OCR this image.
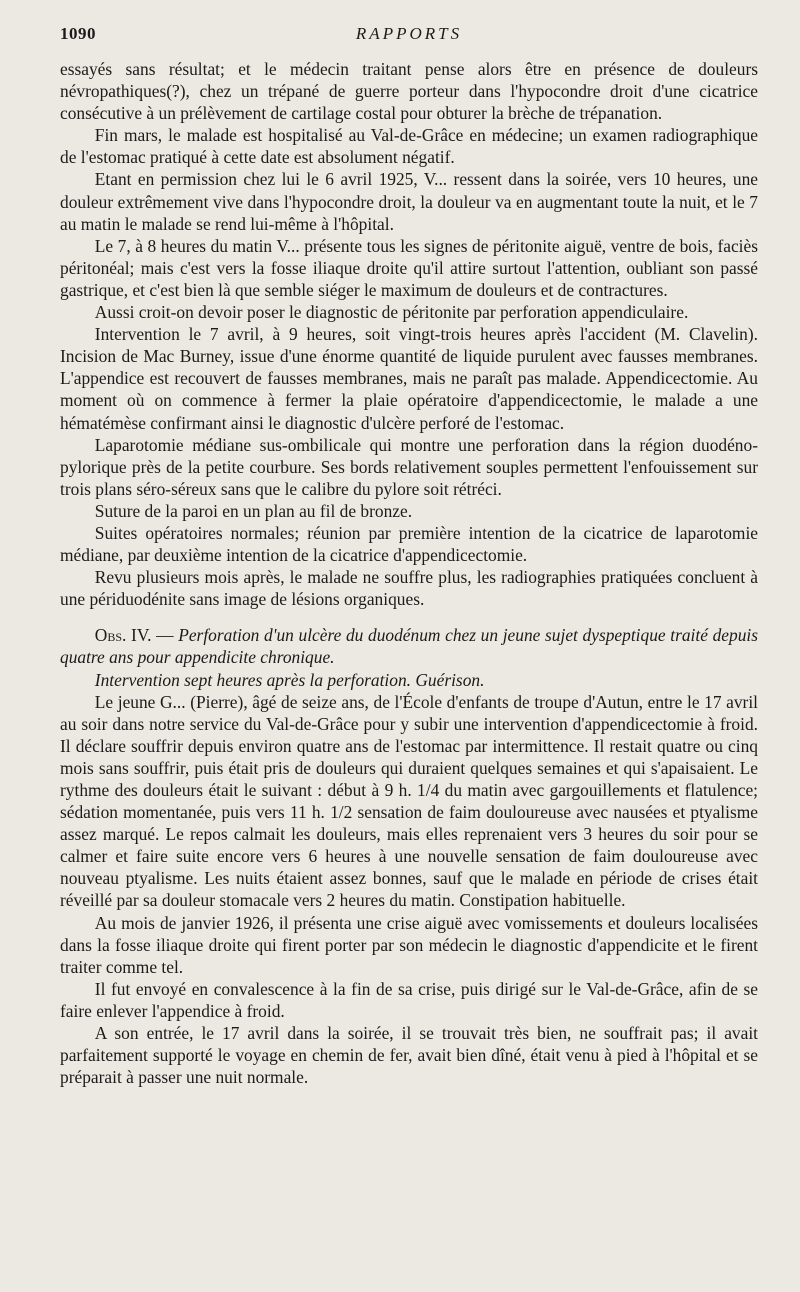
1090	RAPPORTS

essayés sans résultat; et le médecin traitant pense alors être en présence de douleurs névropathiques(?), chez un trépané de guerre porteur dans l'hypocondre droit d'une cicatrice consécutive à un prélèvement de cartilage costal pour obturer la brèche de trépanation.

Fin mars, le malade est hospitalisé au Val-de-Grâce en médecine; un examen radiographique de l'estomac pratiqué à cette date est absolument négatif.

Etant en permission chez lui le 6 avril 1925, V... ressent dans la soirée, vers 10 heures, une douleur extrêmement vive dans l'hypocondre droit, la douleur va en augmentant toute la nuit, et le 7 au matin le malade se rend lui-même à l'hôpital.

Le 7, à 8 heures du matin V... présente tous les signes de péritonite aiguë, ventre de bois, faciès péritonéal; mais c'est vers la fosse iliaque droite qu'il attire surtout l'attention, oubliant son passé gastrique, et c'est bien là que semble siéger le maximum de douleurs et de contractures.

Aussi croit-on devoir poser le diagnostic de péritonite par perforation appendiculaire.

Intervention le 7 avril, à 9 heures, soit vingt-trois heures après l'accident (M. Clavelin). Incision de Mac Burney, issue d'une énorme quantité de liquide purulent avec fausses membranes. L'appendice est recouvert de fausses membranes, mais ne paraît pas malade. Appendicectomie. Au moment où on commence à fermer la plaie opératoire d'appendicectomie, le malade a une hématémèse confirmant ainsi le diagnostic d'ulcère perforé de l'estomac.

Laparotomie médiane sus-ombilicale qui montre une perforation dans la région duodéno-pylorique près de la petite courbure. Ses bords relativement souples permettent l'enfouissement sur trois plans séro-séreux sans que le calibre du pylore soit rétréci.

Suture de la paroi en un plan au fil de bronze.

Suites opératoires normales; réunion par première intention de la cicatrice de laparotomie médiane, par deuxième intention de la cicatrice d'appendicectomie.

Revu plusieurs mois après, le malade ne souffre plus, les radiographies pratiquées concluent à une périduodénite sans image de lésions organiques.

Obs. IV. — Perforation d'un ulcère du duodénum chez un jeune sujet dyspeptique traité depuis quatre ans pour appendicite chronique.

Intervention sept heures après la perforation. Guérison.

Le jeune G... (Pierre), âgé de seize ans, de l'École d'enfants de troupe d'Autun, entre le 17 avril au soir dans notre service du Val-de-Grâce pour y subir une intervention d'appendicectomie à froid. Il déclare souffrir depuis environ quatre ans de l'estomac par intermittence. Il restait quatre ou cinq mois sans souffrir, puis était pris de douleurs qui duraient quelques semaines et qui s'apaisaient. Le rythme des douleurs était le suivant : début à 9 h. 1/4 du matin avec gargouillements et flatulence; sédation momentanée, puis vers 11 h. 1/2 sensation de faim douloureuse avec nausées et ptyalisme assez marqué. Le repos calmait les douleurs, mais elles reprenaient vers 3 heures du soir pour se calmer et faire suite encore vers 6 heures à une nouvelle sensation de faim douloureuse avec nouveau ptyalisme. Les nuits étaient assez bonnes, sauf que le malade en période de crises était réveillé par sa douleur stomacale vers 2 heures du matin. Constipation habituelle.

Au mois de janvier 1926, il présenta une crise aiguë avec vomissements et douleurs localisées dans la fosse iliaque droite qui firent porter par son médecin le diagnostic d'appendicite et le firent traiter comme tel.

Il fut envoyé en convalescence à la fin de sa crise, puis dirigé sur le Val-de-Grâce, afin de se faire enlever l'appendice à froid.

A son entrée, le 17 avril dans la soirée, il se trouvait très bien, ne souffrait pas; il avait parfaitement supporté le voyage en chemin de fer, avait bien dîné, était venu à pied à l'hôpital et se préparait à passer une nuit normale.
